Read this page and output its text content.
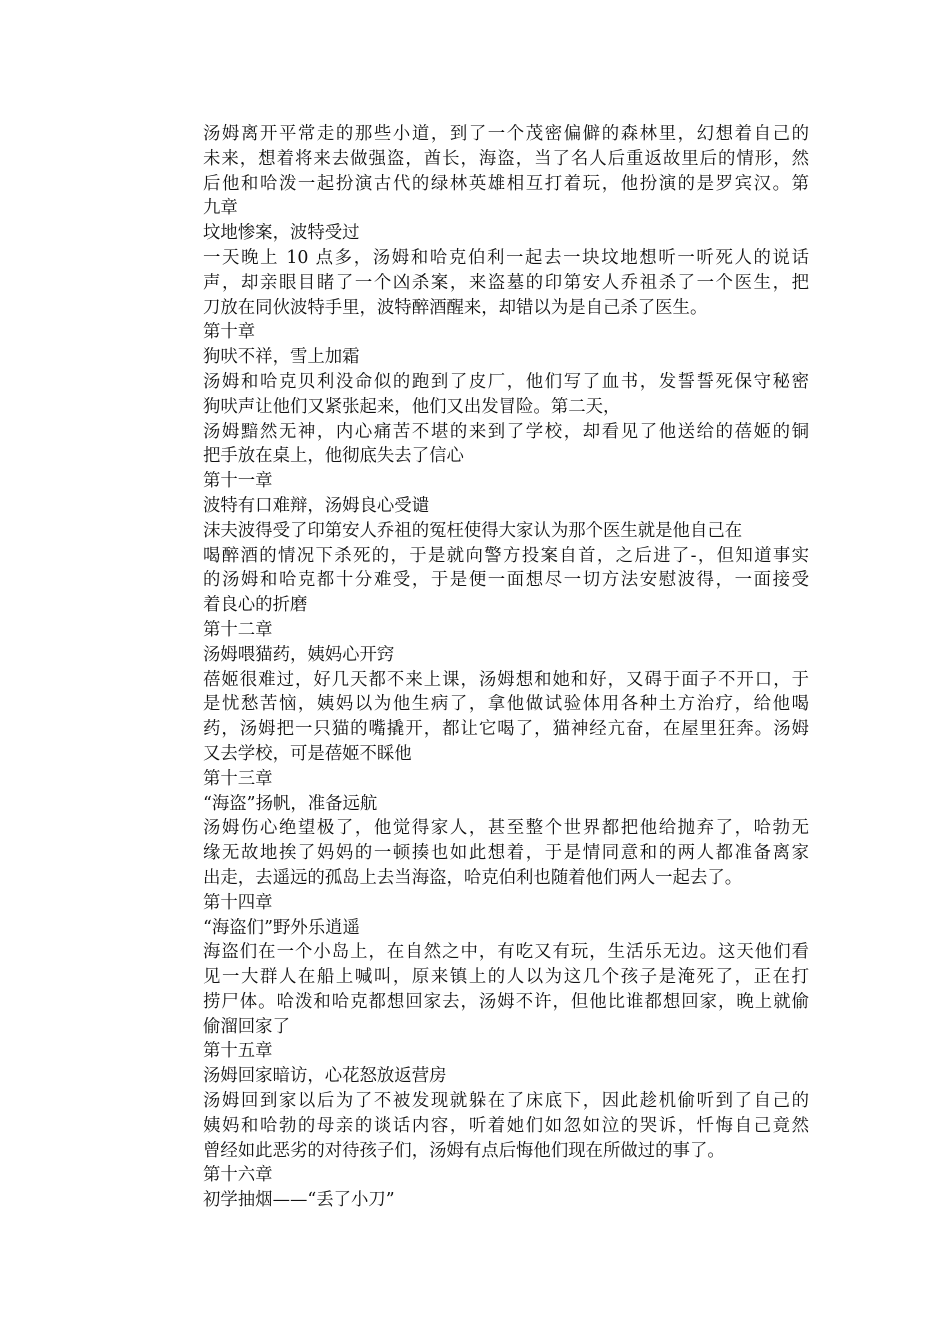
汤姆离开平常走的那些小道，到了一个茂密偏僻的森林里，幻想着自己的
未来，想着将来去做强盗，酋长，海盗，当了名人后重返故里后的情形，然
后他和哈泼一起扮演古代的绿林英雄相互打着玩，他扮演的是罗宾汉。第
九章
坟地惨案，波特受过
一天晚上 10 点多，汤姆和哈克伯利一起去一块坟地想听一听死人的说话
声，却亲眼目睹了一个凶杀案，来盗墓的印第安人乔祖杀了一个医生，把
刀放在同伙波特手里，波特醉酒醒来，却错以为是自己杀了医生。
第十章
狗吠不祥，雪上加霜
汤姆和哈克贝利没命似的跑到了皮厂，他们写了血书，发誓誓死保守秘密
狗吠声让他们又紧张起来，他们又出发冒险。第二天，
汤姆黯然无神，内心痛苦不堪的来到了学校，却看见了他送给的蓓姬的铜
把手放在桌上，他彻底失去了信心
第十一章
波特有口难辩，汤姆良心受谴
沫夫波得受了印第安人乔祖的冤枉使得大家认为那个医生就是他自己在
喝醉酒的情况下杀死的，于是就向警方投案自首，之后进了-，但知道事实
的汤姆和哈克都十分难受，于是便一面想尽一切方法安慰波得，一面接受
着良心的折磨
第十二章
汤姆喂猫药，姨妈心开窍
蓓姬很难过，好几天都不来上课，汤姆想和她和好，又碍于面子不开口，于
是忧愁苦恼，姨妈以为他生病了，拿他做试验体用各种土方治疗，给他喝
药，汤姆把一只猫的嘴撬开，都让它喝了，猫神经亢奋，在屋里狂奔。汤姆
又去学校，可是蓓姬不睬他
第十三章
“海盗”扬帆，准备远航
汤姆伤心绝望极了，他觉得家人，甚至整个世界都把他给抛弃了，哈勃无
缘无故地挨了妈妈的一顿揍也如此想着，于是情同意和的两人都准备离家
出走，去遥远的孤岛上去当海盗，哈克伯利也随着他们两人一起去了。
第十四章
“海盗们”野外乐逍遥
海盗们在一个小岛上，在自然之中，有吃又有玩，生活乐无边。这天他们看
见一大群人在船上喊叫，原来镇上的人以为这几个孩子是淹死了，正在打
捞尸体。哈泼和哈克都想回家去，汤姆不许，但他比谁都想回家，晚上就偷
偷溜回家了
第十五章
汤姆回家暗访，心花怒放返营房
汤姆回到家以后为了不被发现就躲在了床底下，因此趁机偷听到了自己的
姨妈和哈勃的母亲的谈话内容，听着她们如忽如泣的哭诉，忏悔自己竟然
曾经如此恶劣的对待孩子们，汤姆有点后悔他们现在所做过的事了。
第十六章
初学抽烟——“丢了小刀”
